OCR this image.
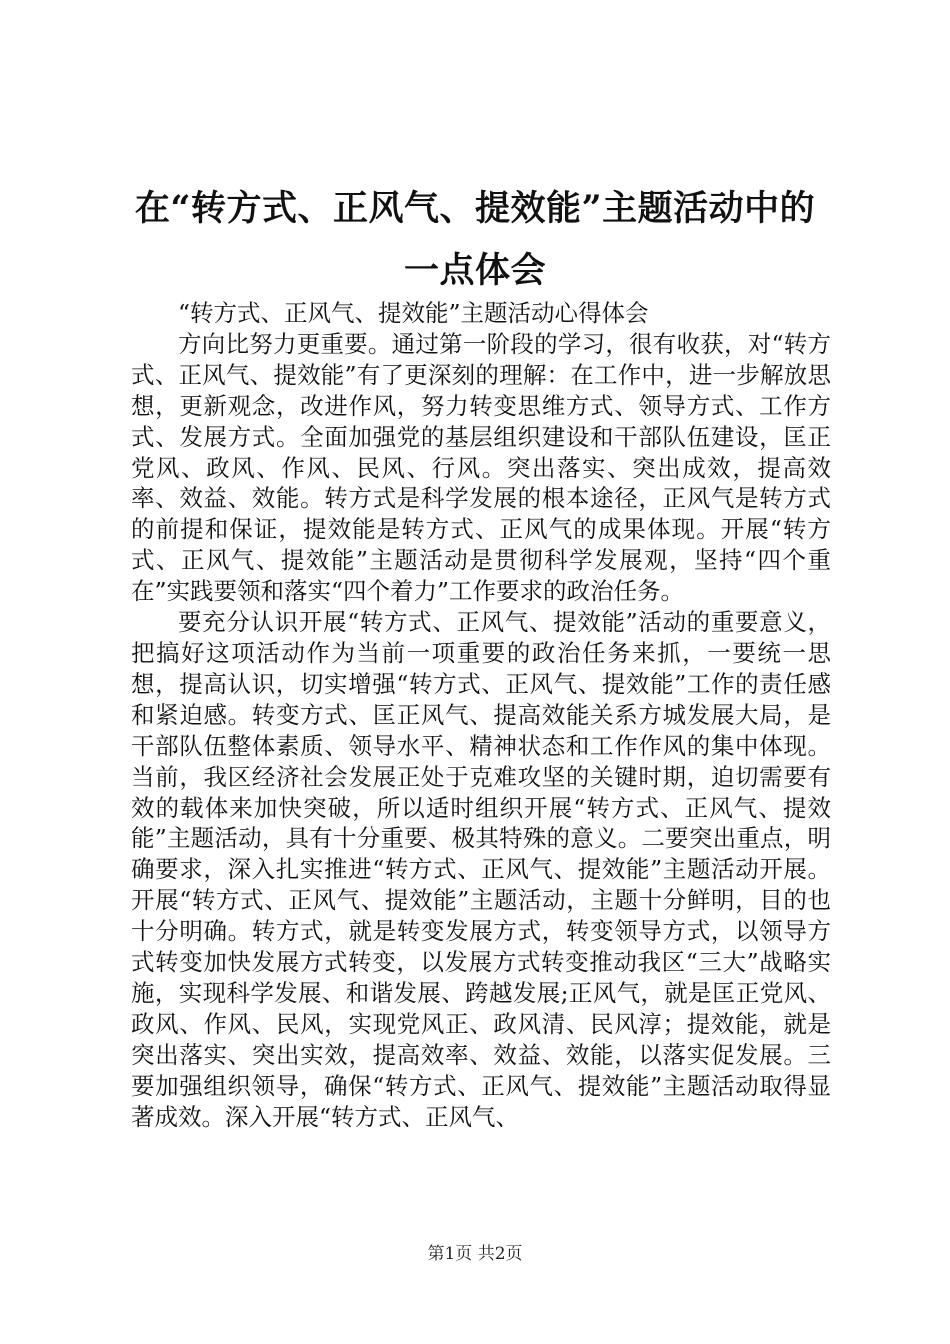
在“转方式、正风气、提效能”主题活动中的
一点体会

“转方式、正风气、提效能”主题活动心得体会

方向比努力更重要。通过第一阶段的学习，很有收获，对“转方式、正风气、提效能”有了更深刻的理解：在工作中，进一步解放思想，更新观念，改进作风，努力转变思维方式、领导方式、工作方式、发展方式。全面加强党的基层组织建设和干部队伍建设，匡正党风、政风、作风、民风、行风。突出落实、突出成效，提高效率、效益、效能。转方式是科学发展的根本途径，正风气是转方式的前提和保证，提效能是转方式、正风气的成果体现。开展“转方式、正风气、提效能”主题活动是贯彻科学发展观，坚持“四个重在”实践要领和落实“四个着力”工作要求的政治任务。

要充分认识开展“转方式、正风气、提效能”活动的重要意义，把搞好这项活动作为当前一项重要的政治任务来抓，一要统一思想，提高认识，切实增强“转方式、正风气、提效能”工作的责任感和紧迫感。转变方式、匡正风气、提高效能关系方城发展大局，是干部队伍整体素质、领导水平、精神状态和工作作风的集中体现。当前，我区经济社会发展正处于克难攻坚的关键时期，迫切需要有效的载体来加快突破，所以适时组织开展“转方式、正风气、提效能”主题活动，具有十分重要、极其特殊的意义。二要突出重点，明确要求，深入扎实推进“转方式、正风气、提效能”主题活动开展。开展“转方式、正风气、提效能”主题活动，主题十分鲜明，目的也十分明确。转方式，就是转变发展方式，转变领导方式，以领导方式转变加快发展方式转变，以发展方式转变推动我区“三大”战略实施，实现科学发展、和谐发展、跨越发展;正风气，就是匡正党风、政风、作风、民风，实现党风正、政风清、民风淳；提效能，就是突出落实、突出实效，提高效率、效益、效能，以落实促发展。三要加强组织领导，确保“转方式、正风气、提效能”主题活动取得显著成效。深入开展“转方式、正风气、

第1页 共2页
